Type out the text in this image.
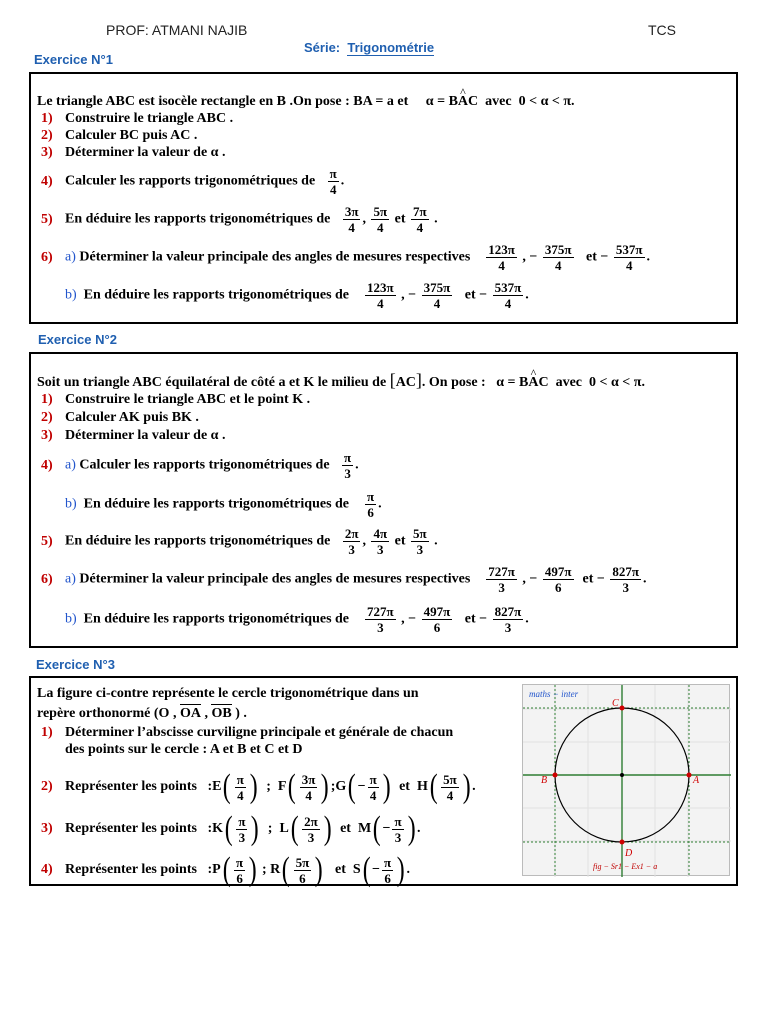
PROF: ATMANI NAJIB	TCS
Série: Trigonométrie
Exercice N°1
Le triangle ABC est isocèle rectangle en B .On pose : BA = a et     α = B^ AC  avec  0 < α < π.
1) Construire le triangle ABC .
2) Calculer BC puis AC .
3) Déterminer la valeur de α .
4) Calculer les rapports trigonométriques de $\frac{\pi}{4}$ .
5) En déduire les rapports trigonométriques de $\frac{3\pi}{4}$ , $\frac{5\pi}{4}$ et $\frac{7\pi}{4}$ .
6) a) Déterminer la valeur principale des angles de mesures respectives $\frac{123\pi}{4}$ , − $\frac{375\pi}{4}$ et − $\frac{537\pi}{4}$ .
b) En déduire les rapports trigonométriques de $\frac{123\pi}{4}$ , − $\frac{375\pi}{4}$ et − $\frac{537\pi}{4}$ .
Exercice N°2
Soit un triangle ABC équilatéral de côté a et K le milieu de [AC]. On pose :   α = B^ AC  avec  0 < α < π.
1) Construire le triangle ABC et le point K .
2) Calculer AK puis BK .
3) Déterminer la valeur de α .
4) a) Calculer les rapports trigonométriques de $\frac{\pi}{3}$ .
b) En déduire les rapports trigonométriques de $\frac{\pi}{6}$ .
5) En déduire les rapports trigonométriques de $\frac{2\pi}{3}$ , $\frac{4\pi}{3}$ et $\frac{5\pi}{3}$ .
6) a) Déterminer la valeur principale des angles de mesures respectives $\frac{727\pi}{3}$ , − $\frac{497\pi}{6}$ et − $\frac{827\pi}{3}$ .
b) En déduire les rapports trigonométriques de $\frac{727\pi}{3}$ , − $\frac{497\pi}{6}$ et − $\frac{827\pi}{3}$ .
Exercice N°3
La figure ci-contre représente le cercle trigonométrique dans un
repère orthonormé (O , OA , OB ) .
1) Déterminer l’abscisse curviligne principale et générale de chacun
des points sur le cercle : A et B et C et D
2) Représenter les points   :E( $\frac{\pi}{4}$ )  ;  $F( \frac{3\pi}{4}$ ) ;G( − $\frac{\pi}{4}$ )  et  $H( \frac{5\pi}{4}$ ) .
3) Représenter les points   :K( $\frac{\pi}{3}$ )  ;  $L( \frac{2\pi}{3}$ )  et  $M( - \frac{\pi}{3}$ ) .
4) Représenter les points   :P( $\frac{\pi}{6}$ ) ; $R( \frac{5\pi}{6}$ )   et  $S( - \frac{\pi}{6}$ ) .
A
B
C
D
maths − inter
fig − Sr1 − Ex1 − a
